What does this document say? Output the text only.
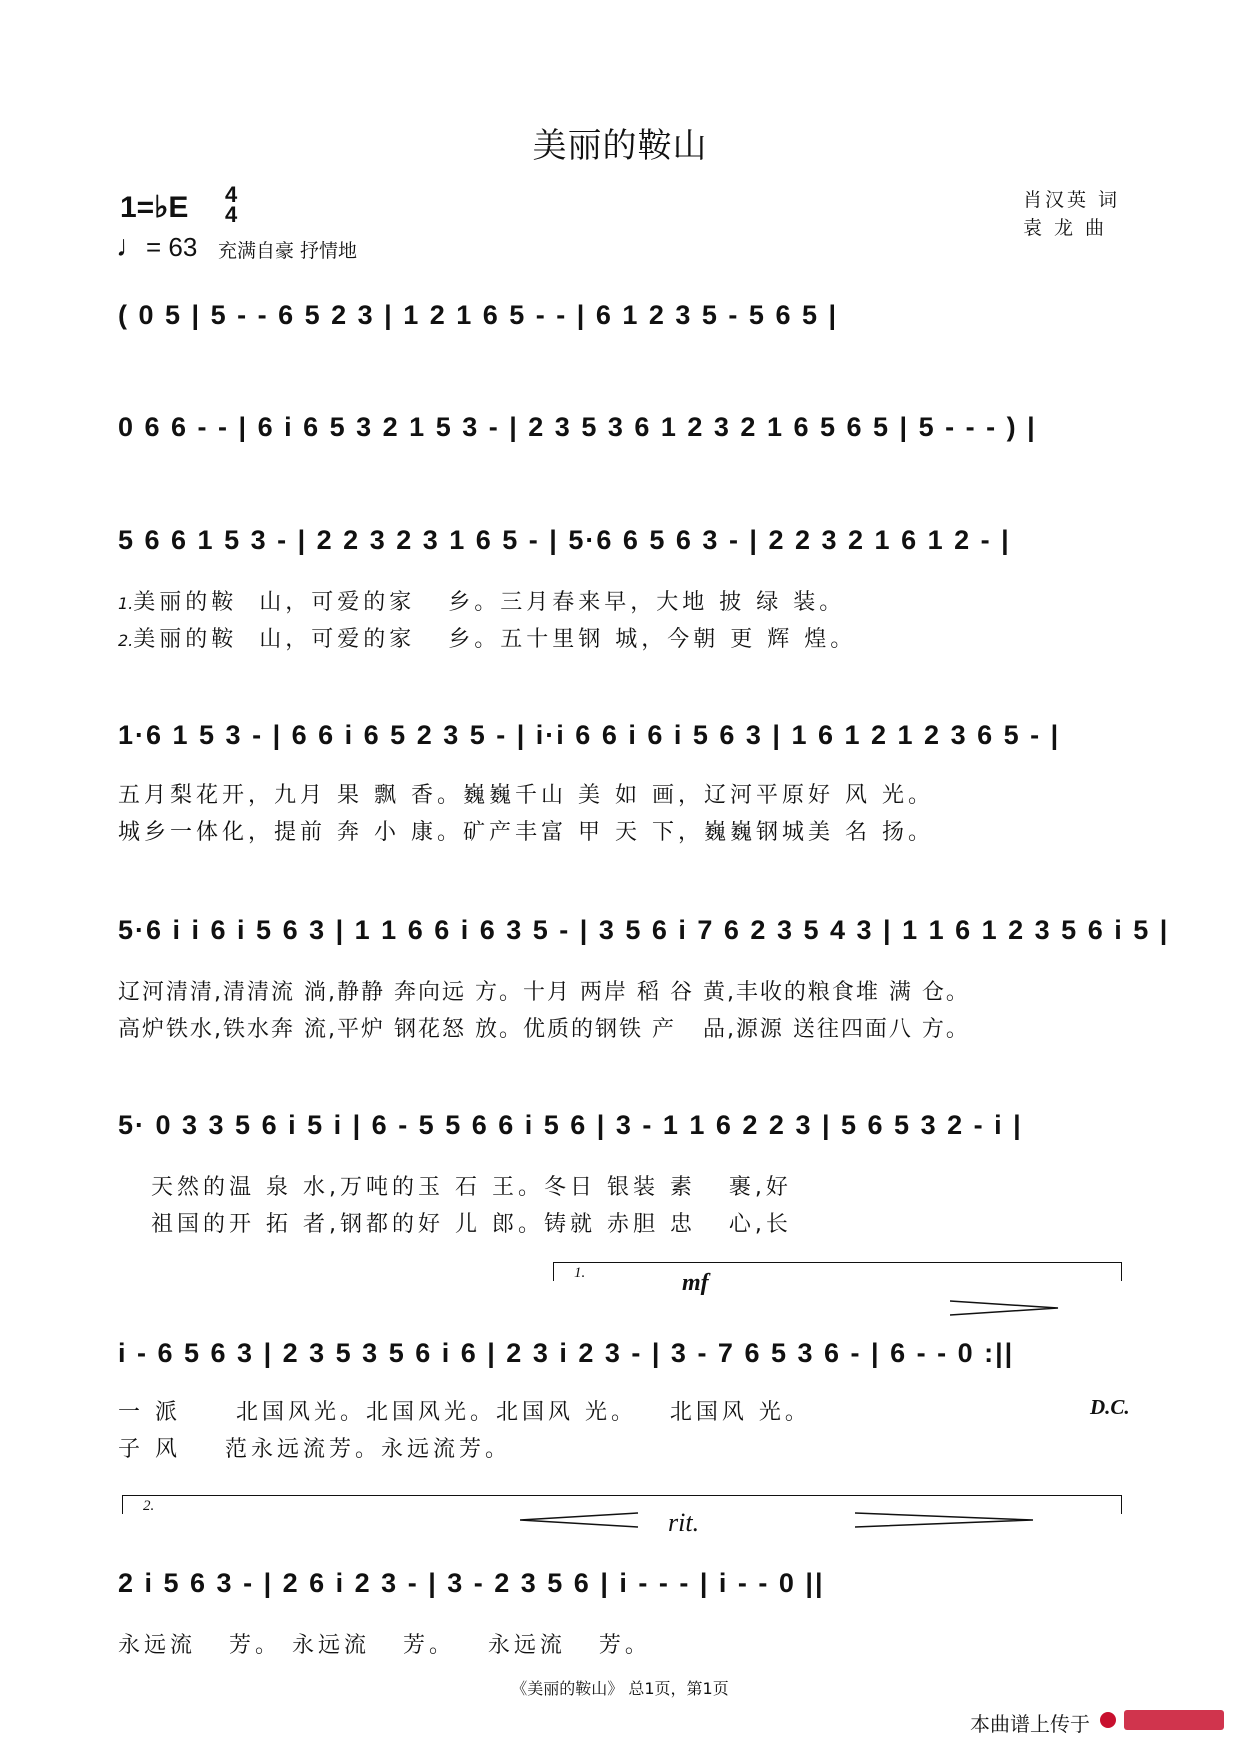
美丽的鞍山
1=♭E 4
4
♩= 63 充满自豪 抒情地
肖汉英 词
袁 龙 曲
( 0 5 | 5 - - 6 5 2 3 | 1 2 1 6 5 - - | 6 1 2 3 5 - 5 6 5 |
0 6 6 - - | 6 i 6 5 3 2 1 5 3 - | 2 3 5 3 6 1 2 3 2 1 6 5 6 5 | 5 - - - ) |
5 6 6 1 5 3 - | 2 2 3 2 3 1 6 5 - | 5·6 6 5 6 3 - | 2 2 3 2 1 6 1 2 - |
1.美丽的鞍  山，可爱的家   乡。三月春来早，大地 披 绿 装。
2.美丽的鞍  山，可爱的家   乡。五十里钢 城，今朝 更 辉 煌。
1·6 1 5 3 - | 6 6 i 6 5 2 3 5 - | i·i 6 6 i 6 i 5 6 3 | 1 6 1 2 1 2 3 6 5 - |
五月梨花开，九月 果 飘 香。巍巍千山 美 如 画，辽河平原好 风 光。
城乡一体化，提前 奔 小 康。矿产丰富 甲 天 下，巍巍钢城美 名 扬。
5·6 i i 6 i 5 6 3 | 1 1 6 6 i 6 3 5 - | 3 5 6 i 7 6 2 3 5 4 3 | 1 1 6 1 2 3 5 6 i 5 |
辽河清清,清清流 淌,静静 奔向远 方。十月 两岸 稻 谷 黄,丰收的粮食堆 满 仓。
高炉铁水,铁水奔 流,平炉 钢花怒 放。优质的钢铁 产   品,源源 送往四面八 方。
5· 0 3 3 5 6 i 5 i | 6 - 5 5 6 6 i 5 6 | 3 - 1 1 6 2 2 3 | 5 6 5 3 2 - i |
天然的温 泉 水,万吨的玉 石 王。冬日 银装 素   裹,好
祖国的开 拓 者,钢都的好 儿 郎。铸就 赤胆 忠   心,长
1.	mf
i - 6 5 6 3 | 2 3 5 3 5 6 i 6 | 2 3 i 2 3 - | 3 - 7 6 5 3 6 - | 6 - - 0 :||
一 派     北国风光。北国风光。北国风 光。   北国风 光。
子 风    范永远流芳。永远流芳。
D.C.
2.
rit.
2 i 5 6 3 - | 2 6 i 2 3 - | 3 - 2 3 5 6 | i - - - | i - - 0 ||
永远流   芳。 永远流   芳。   永远流   芳。
《美丽的鞍山》 总1页，第1页
本曲谱上传于
